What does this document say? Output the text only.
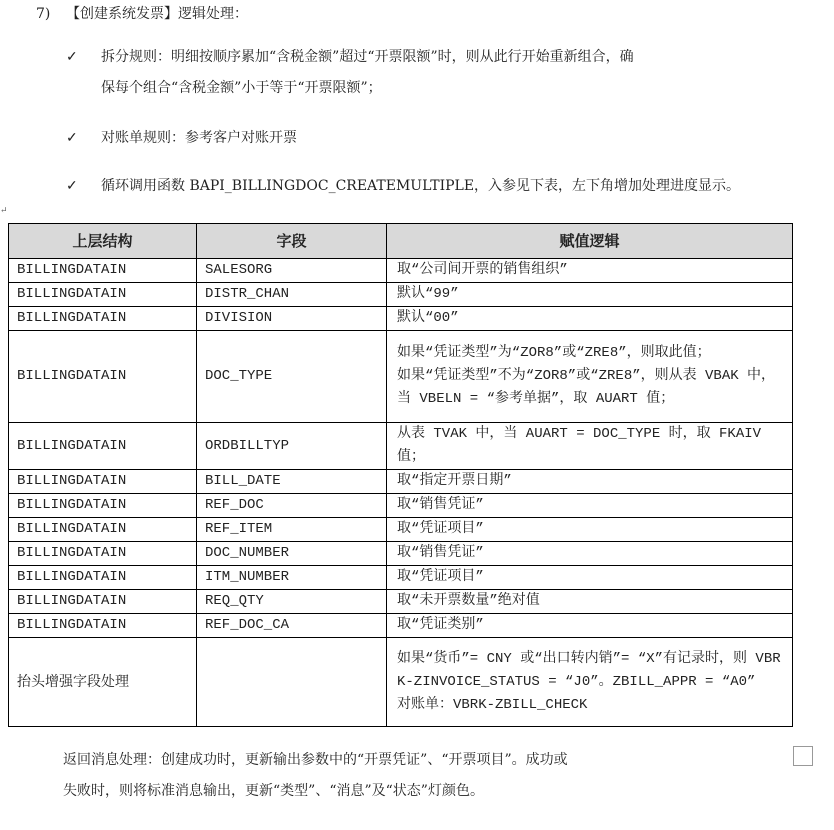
7) 【创建系统发票】逻辑处理：
✓	拆分规则：明细按顺序累加“含税金额”超过“开票限额”时，则从此行开始重新组合，确
保每个组合“含税金额”小于等于“开票限额”；
✓	对账单规则：参考客户对账开票
✓	循环调用函数 BAPI_BILLINGDOC_CREATEMULTIPLE，入参见下表，左下角增加处理进度显示。
↵
上层结构	字段	赋值逻辑
BILLINGDATAIN	SALESORG	取“公司间开票的销售组织”

BILLINGDATAIN	DISTR_CHAN	默认“99”

BILLINGDATAIN	DIVISION	默认“00”

BILLINGDATAIN	DOC_TYPE	如果“凭证类型”为“ZOR8”或“ZRE8”，则取此值；
如果“凭证类型”不为“ZOR8”或“ZRE8”，则从表 VBAK 中，当 VBELN = “参考单据”，取 AUART 值；

BILLINGDATAIN	ORDBILLTYP	从表 TVAK 中，当 AUART = DOC_TYPE 时，取 FKAIV 值；

BILLINGDATAIN	BILL_DATE	取“指定开票日期”

BILLINGDATAIN	REF_DOC	取“销售凭证”

BILLINGDATAIN	REF_ITEM	取“凭证项目”

BILLINGDATAIN	DOC_NUMBER	取“销售凭证”

BILLINGDATAIN	ITM_NUMBER	取“凭证项目”

BILLINGDATAIN	REQ_QTY	取“未开票数量”绝对值

BILLINGDATAIN	REF_DOC_CA	取“凭证类别”

抬头增强字段处理		如果“货币”= CNY 或“出口转内销”= “X”有记录时，则 VBRK-ZINVOICE_STATUS = “J0”。ZBILL_APPR = “A0”
对账单：VBRK-ZBILL_CHECK
返回消息处理：创建成功时，更新输出参数中的“开票凭证”、“开票项目”。成功或
失败时，则将标准消息输出，更新“类型”、“消息”及“状态”灯颜色。
